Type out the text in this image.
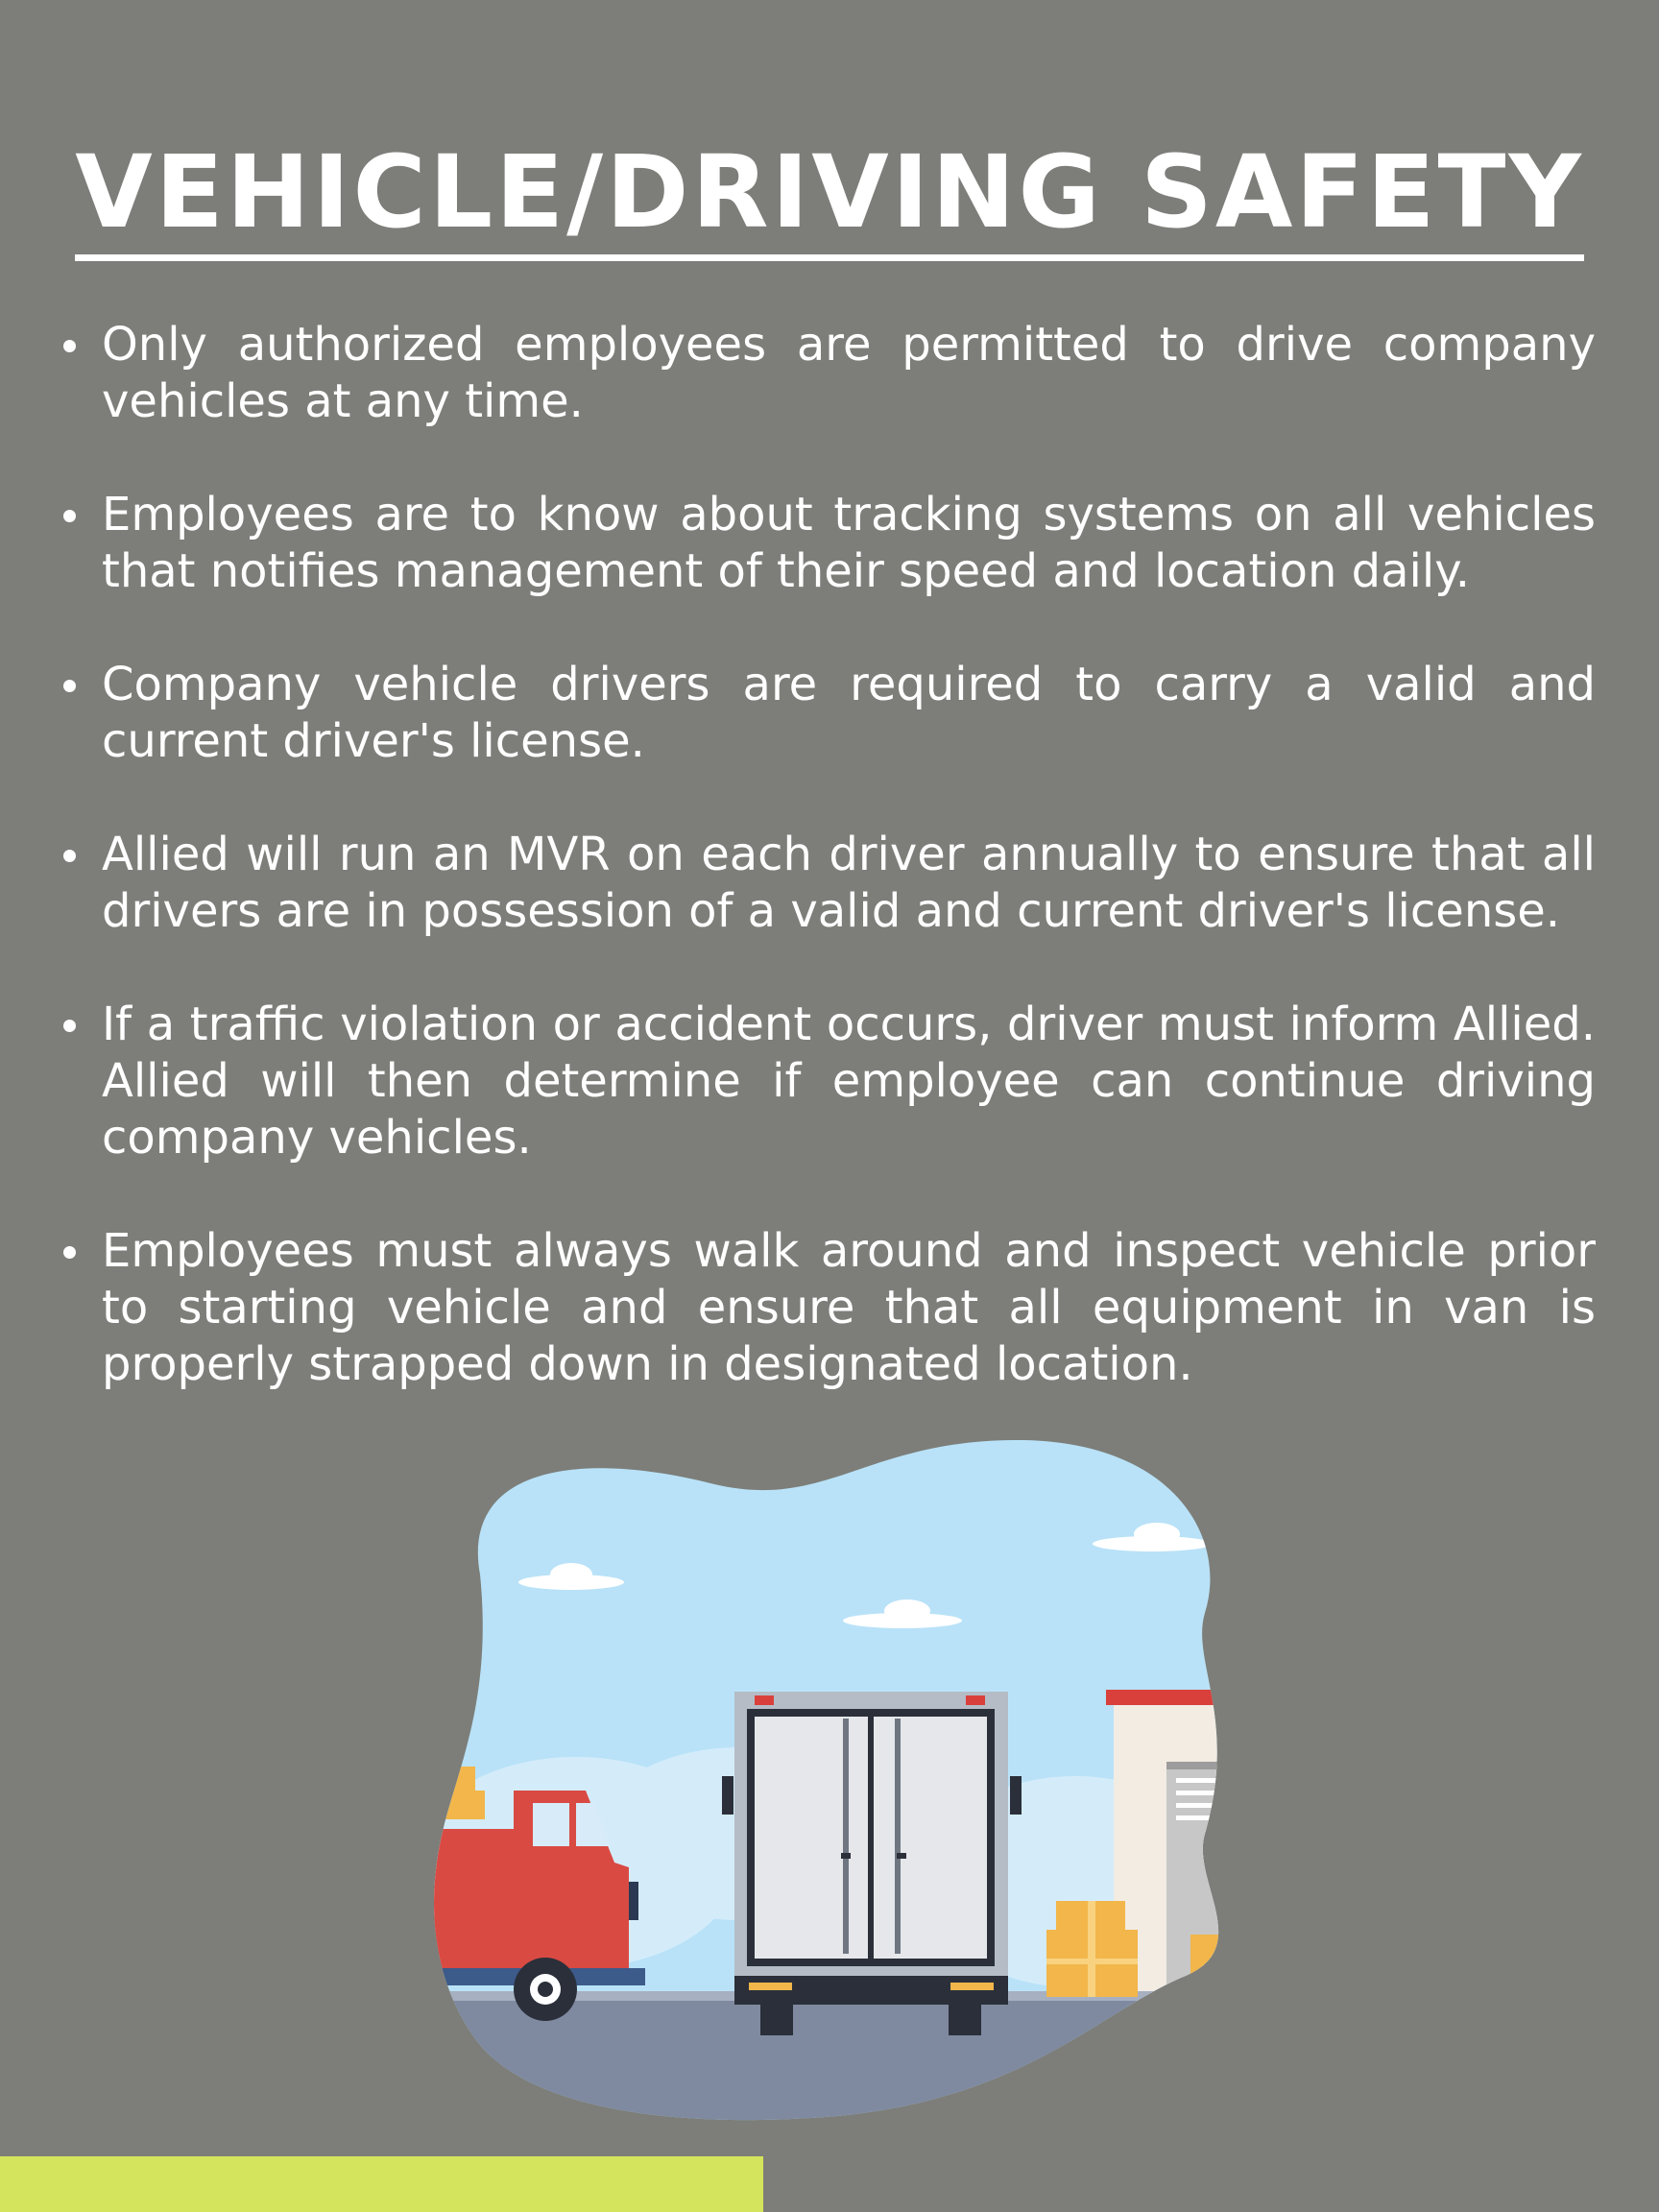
VEHICLE/DRIVING SAFETY
Only authorized employees are permitted to drive company vehicles at any time.
Employees are to know about tracking systems on all vehicles that notifies management of their speed and location daily.
Company vehicle drivers are required to carry a valid and current driver's license.
Allied will run an MVR on each driver annually to ensure that all drivers are in possession of a valid and current driver's license.
If a traffic violation or accident occurs, driver must inform Allied. Allied will then determine if employee can continue driving company vehicles.
Employees must always walk around and inspect vehicle prior to starting vehicle and ensure that all equipment in van is properly strapped down in designated location.
